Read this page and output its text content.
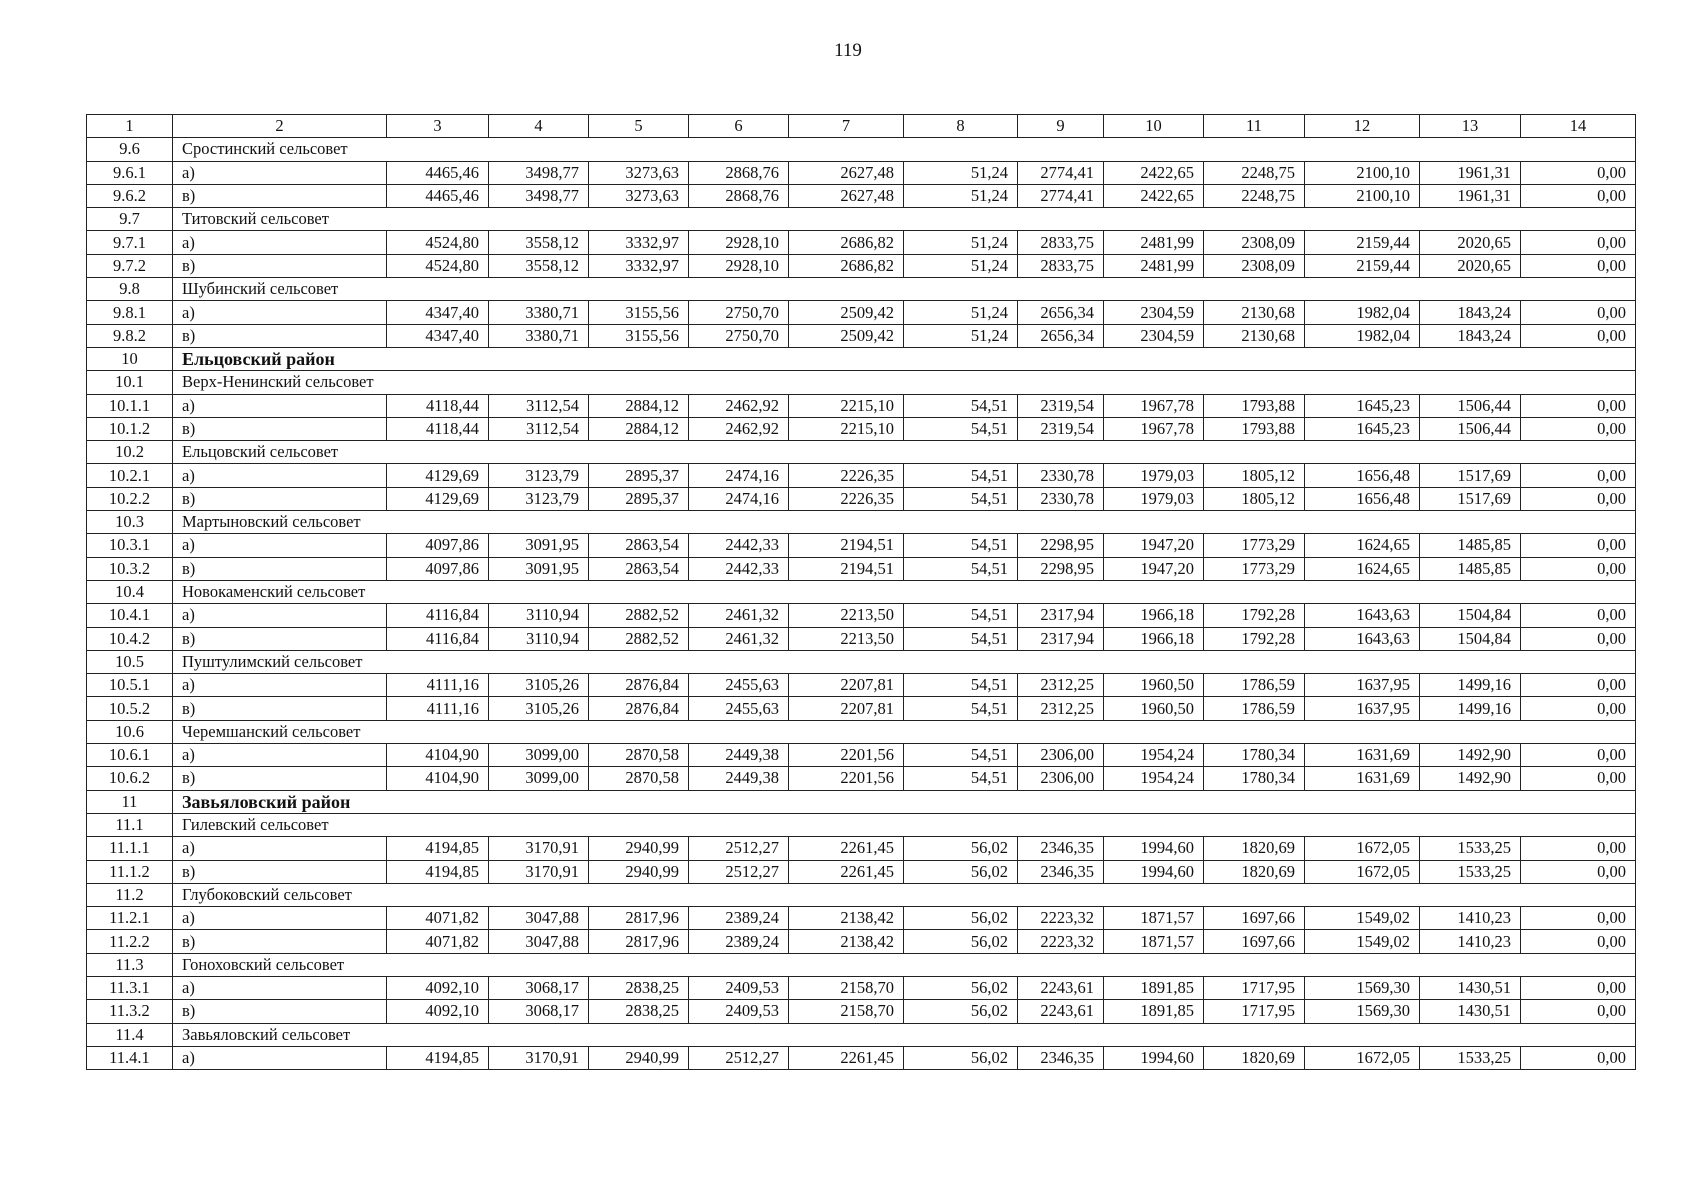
119
1	2	3	4	5	6	7	8	9	10	11	12	13	14
9.6	Сростинский сельсовет												
9.6.1	а)	4465,46	3498,77	3273,63	2868,76	2627,48	51,24	2774,41	2422,65	2248,75	2100,10	1961,31	0,00
9.6.2	в)	4465,46	3498,77	3273,63	2868,76	2627,48	51,24	2774,41	2422,65	2248,75	2100,10	1961,31	0,00
9.7	Титовский сельсовет												
9.7.1	а)	4524,80	3558,12	3332,97	2928,10	2686,82	51,24	2833,75	2481,99	2308,09	2159,44	2020,65	0,00
9.7.2	в)	4524,80	3558,12	3332,97	2928,10	2686,82	51,24	2833,75	2481,99	2308,09	2159,44	2020,65	0,00
9.8	Шубинский сельсовет												
9.8.1	а)	4347,40	3380,71	3155,56	2750,70	2509,42	51,24	2656,34	2304,59	2130,68	1982,04	1843,24	0,00
9.8.2	в)	4347,40	3380,71	3155,56	2750,70	2509,42	51,24	2656,34	2304,59	2130,68	1982,04	1843,24	0,00
10	Ельцовский район												
10.1	Верх-Ненинский сельсовет												
10.1.1	а)	4118,44	3112,54	2884,12	2462,92	2215,10	54,51	2319,54	1967,78	1793,88	1645,23	1506,44	0,00
10.1.2	в)	4118,44	3112,54	2884,12	2462,92	2215,10	54,51	2319,54	1967,78	1793,88	1645,23	1506,44	0,00
10.2	Ельцовский сельсовет												
10.2.1	а)	4129,69	3123,79	2895,37	2474,16	2226,35	54,51	2330,78	1979,03	1805,12	1656,48	1517,69	0,00
10.2.2	в)	4129,69	3123,79	2895,37	2474,16	2226,35	54,51	2330,78	1979,03	1805,12	1656,48	1517,69	0,00
10.3	Мартыновский сельсовет												
10.3.1	а)	4097,86	3091,95	2863,54	2442,33	2194,51	54,51	2298,95	1947,20	1773,29	1624,65	1485,85	0,00
10.3.2	в)	4097,86	3091,95	2863,54	2442,33	2194,51	54,51	2298,95	1947,20	1773,29	1624,65	1485,85	0,00
10.4	Новокаменский сельсовет												
10.4.1	а)	4116,84	3110,94	2882,52	2461,32	2213,50	54,51	2317,94	1966,18	1792,28	1643,63	1504,84	0,00
10.4.2	в)	4116,84	3110,94	2882,52	2461,32	2213,50	54,51	2317,94	1966,18	1792,28	1643,63	1504,84	0,00
10.5	Пуштулимский сельсовет												
10.5.1	а)	4111,16	3105,26	2876,84	2455,63	2207,81	54,51	2312,25	1960,50	1786,59	1637,95	1499,16	0,00
10.5.2	в)	4111,16	3105,26	2876,84	2455,63	2207,81	54,51	2312,25	1960,50	1786,59	1637,95	1499,16	0,00
10.6	Черемшанский сельсовет												
10.6.1	а)	4104,90	3099,00	2870,58	2449,38	2201,56	54,51	2306,00	1954,24	1780,34	1631,69	1492,90	0,00
10.6.2	в)	4104,90	3099,00	2870,58	2449,38	2201,56	54,51	2306,00	1954,24	1780,34	1631,69	1492,90	0,00
11	Завьяловский район												
11.1	Гилевский сельсовет												
11.1.1	а)	4194,85	3170,91	2940,99	2512,27	2261,45	56,02	2346,35	1994,60	1820,69	1672,05	1533,25	0,00
11.1.2	в)	4194,85	3170,91	2940,99	2512,27	2261,45	56,02	2346,35	1994,60	1820,69	1672,05	1533,25	0,00
11.2	Глубоковский сельсовет												
11.2.1	а)	4071,82	3047,88	2817,96	2389,24	2138,42	56,02	2223,32	1871,57	1697,66	1549,02	1410,23	0,00
11.2.2	в)	4071,82	3047,88	2817,96	2389,24	2138,42	56,02	2223,32	1871,57	1697,66	1549,02	1410,23	0,00
11.3	Гоноховский сельсовет												
11.3.1	а)	4092,10	3068,17	2838,25	2409,53	2158,70	56,02	2243,61	1891,85	1717,95	1569,30	1430,51	0,00
11.3.2	в)	4092,10	3068,17	2838,25	2409,53	2158,70	56,02	2243,61	1891,85	1717,95	1569,30	1430,51	0,00
11.4	Завьяловский сельсовет												
11.4.1	а)	4194,85	3170,91	2940,99	2512,27	2261,45	56,02	2346,35	1994,60	1820,69	1672,05	1533,25	0,00
